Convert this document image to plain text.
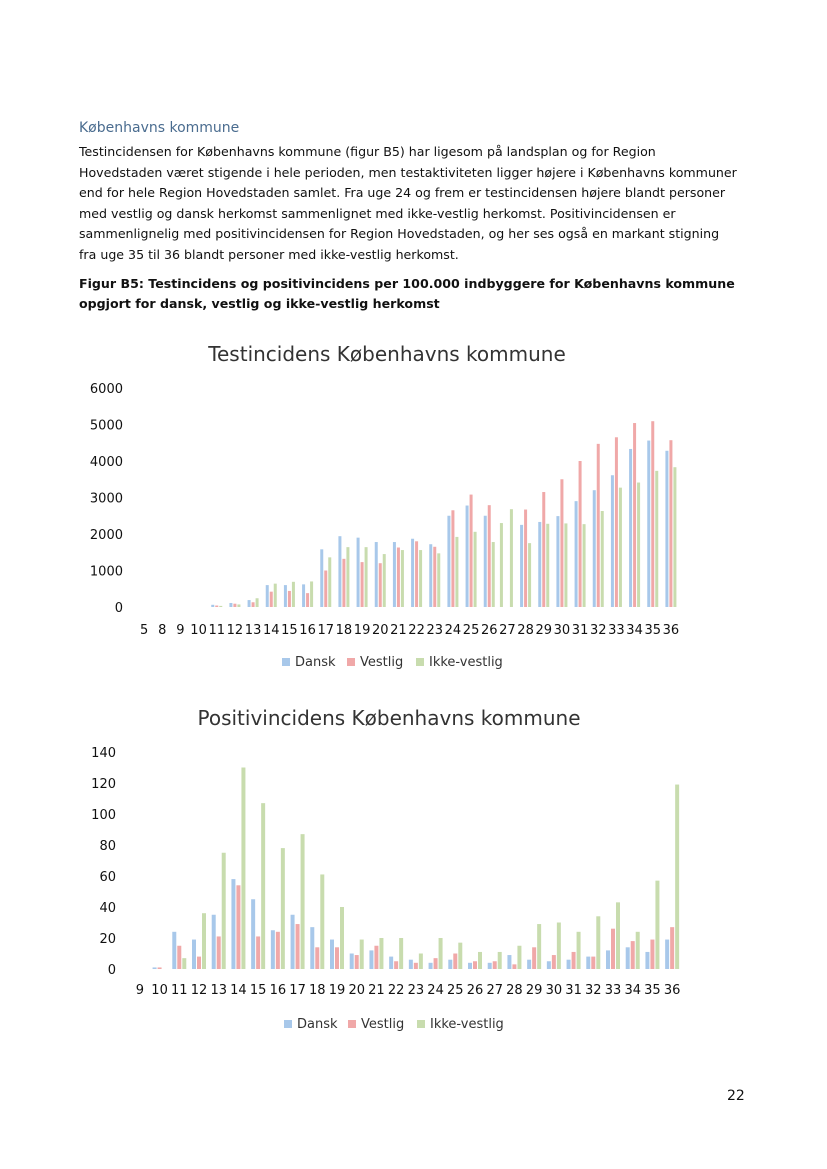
Københavns kommune
Testincidensen for Københavns kommune (figur B5) har ligesom på landsplan og for Region Hovedstaden været stigende i hele perioden, men testaktiviteten ligger højere i Københavns kommuner end for hele Region Hovedstaden samlet. Fra uge 24 og frem er testincidensen højere blandt personer med vestlig og dansk herkomst sammenlignet med ikke-vestlig herkomst. Positivincidensen er sammenlignelig med positivincidensen for Region Hovedstaden, og her ses også en markant stigning fra uge 35 til 36 blandt personer med ikke-vestlig herkomst.
Figur B5: Testincidens og positivincidens per 100.000 indbyggere for Københavns kommune opgjort for dansk, vestlig og ikke-vestlig herkomst
Testincidens Københavns kommune
0
1000
2000
3000
4000
5000
6000
5 8 9 10 11 12 13 14 15 16 17 18 19 20 21 22 23 24 25 26 27 28 29 30 31 32 33 34 35 36
Dansk Vestlig Ikke-vestlig
Positivincidens Københavns kommune
0
20
40
60
80
100
120
140
9 10 11 12 13 14 15 16 17 18 19 20 21 22 23 24 25 26 27 28 29 30 31 32 33 34 35 36
Dansk Vestlig Ikke-vestlig
22
